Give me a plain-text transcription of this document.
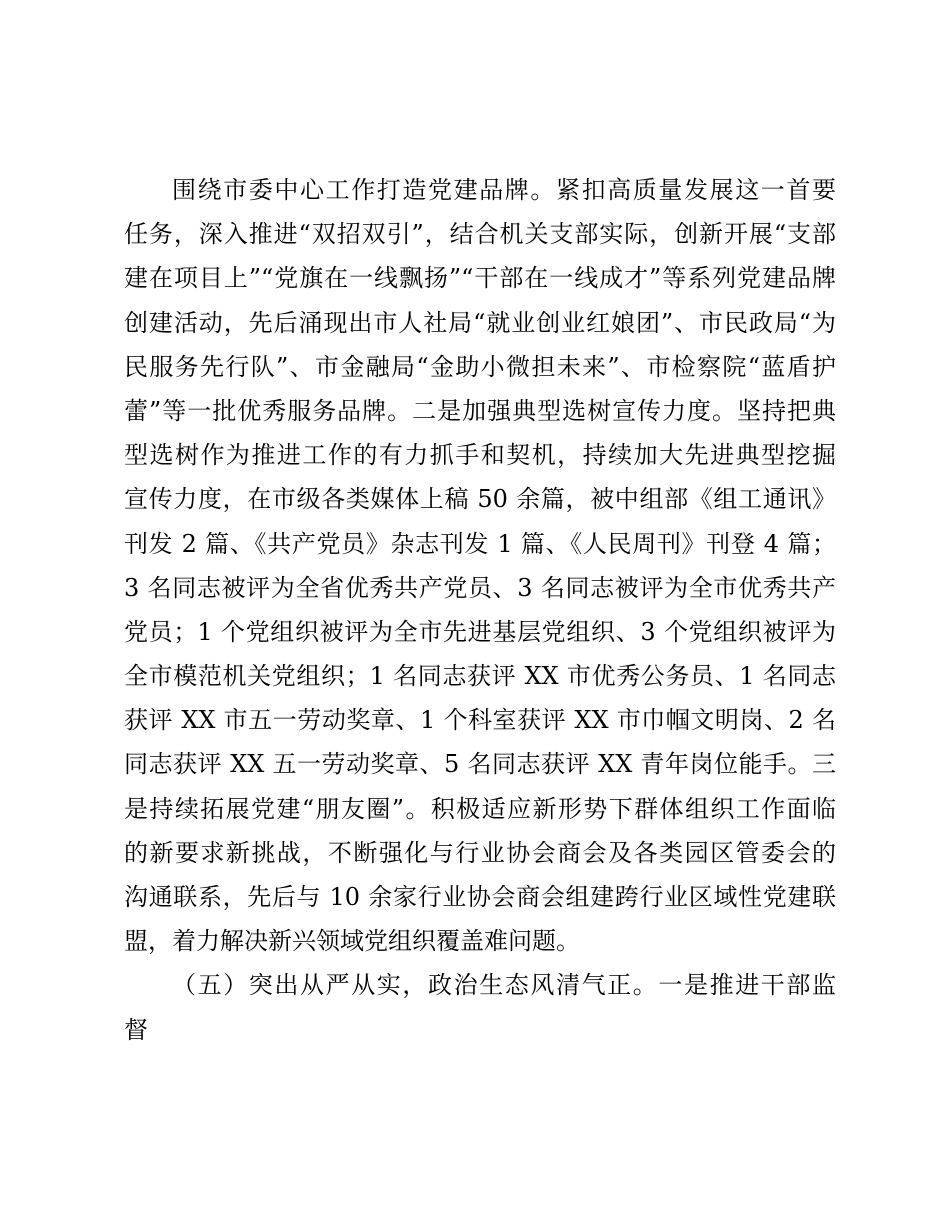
围绕市委中心工作打造党建品牌。紧扣高质量发展这一首要
任务，深入推进“双招双引”，结合机关支部实际，创新开展“支部
建在项目上”“党旗在一线飘扬”“干部在一线成才”等系列党建品牌
创建活动，先后涌现出市人社局“就业创业红娘团”、市民政局“为
民服务先行队”、市金融局“金助小微担未来”、市检察院“蓝盾护
蕾”等一批优秀服务品牌。二是加强典型选树宣传力度。坚持把典
型选树作为推进工作的有力抓手和契机，持续加大先进典型挖掘
宣传力度，在市级各类媒体上稿 50 余篇，被中组部《组工通讯》
刊发 2 篇、《共产党员》杂志刊发 1 篇、《人民周刊》刊登 4 篇；
3 名同志被评为全省优秀共产党员、3 名同志被评为全市优秀共产
党员；1 个党组织被评为全市先进基层党组织、3 个党组织被评为
全市模范机关党组织；1 名同志获评 XX 市优秀公务员、1 名同志
获评 XX 市五一劳动奖章、1 个科室获评 XX 市巾帼文明岗、2 名
同志获评 XX 五一劳动奖章、5 名同志获评 XX 青年岗位能手。三
是持续拓展党建“朋友圈”。积极适应新形势下群体组织工作面临
的新要求新挑战，不断强化与行业协会商会及各类园区管委会的
沟通联系，先后与 10 余家行业协会商会组建跨行业区域性党建联
盟，着力解决新兴领域党组织覆盖难问题。
（五）突出从严从实，政治生态风清气正。一是推进干部监
督
